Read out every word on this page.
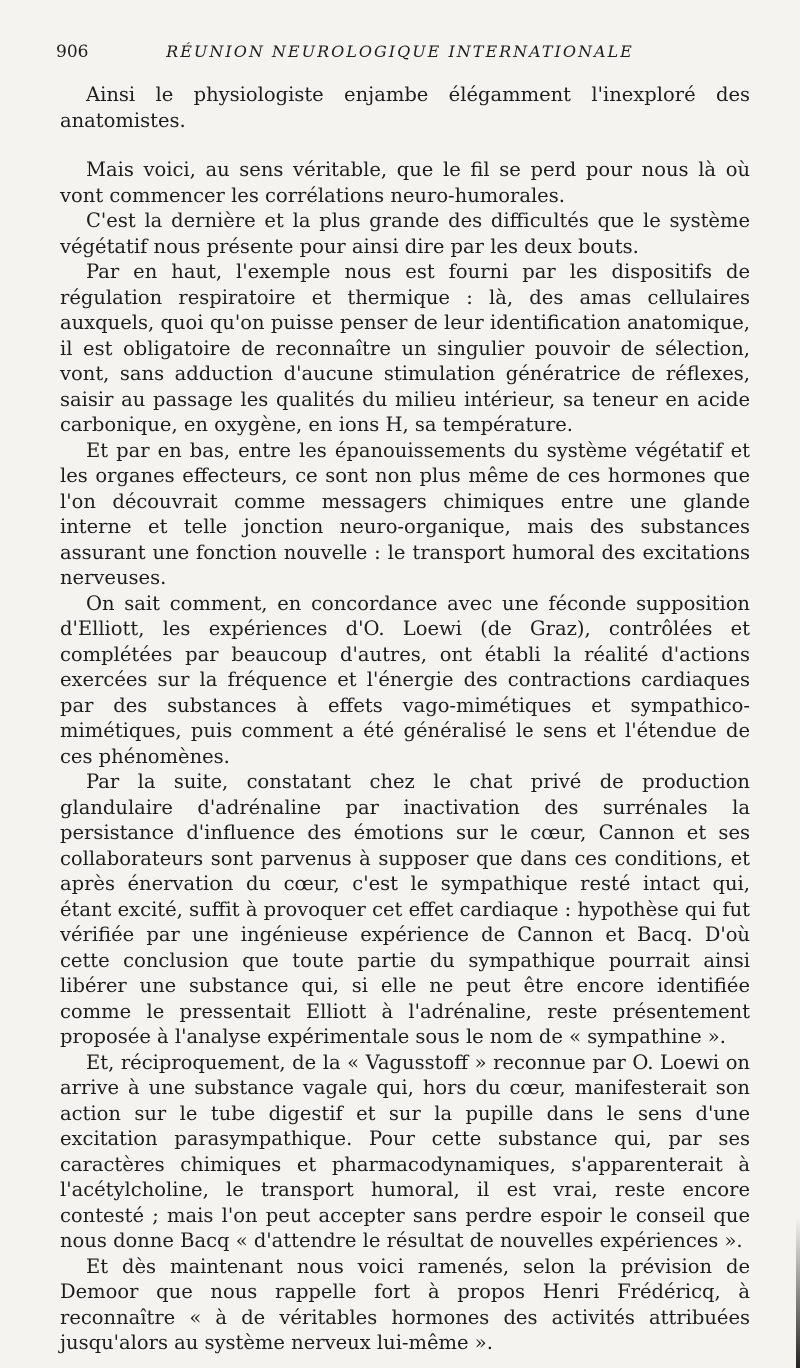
906	RÉUNION NEUROLOGIQUE INTERNATIONALE

Ainsi le physiologiste enjambe élégamment l'inexploré des anatomistes.

Mais voici, au sens véritable, que le fil se perd pour nous là où vont commencer les corrélations neuro-humorales.

C'est la dernière et la plus grande des difficultés que le système végétatif nous présente pour ainsi dire par les deux bouts.

Par en haut, l'exemple nous est fourni par les dispositifs de régulation respiratoire et thermique : là, des amas cellulaires auxquels, quoi qu'on puisse penser de leur identification anatomique, il est obligatoire de reconnaître un singulier pouvoir de sélection, vont, sans adduction d'aucune stimulation génératrice de réflexes, saisir au passage les qualités du milieu intérieur, sa teneur en acide carbonique, en oxygène, en ions H, sa température.

Et par en bas, entre les épanouissements du système végétatif et les organes effecteurs, ce sont non plus même de ces hormones que l'on découvrait comme messagers chimiques entre une glande interne et telle jonction neuro-organique, mais des substances assurant une fonction nouvelle : le transport humoral des excitations nerveuses.

On sait comment, en concordance avec une féconde supposition d'Elliott, les expériences d'O. Loewi (de Graz), contrôlées et complétées par beaucoup d'autres, ont établi la réalité d'actions exercées sur la fréquence et l'énergie des contractions cardiaques par des substances à effets vago-mimétiques et sympathico-mimétiques, puis comment a été généralisé le sens et l'étendue de ces phénomènes.

Par la suite, constatant chez le chat privé de production glandulaire d'adrénaline par inactivation des surrénales la persistance d'influence des émotions sur le cœur, Cannon et ses collaborateurs sont parvenus à supposer que dans ces conditions, et après énervation du cœur, c'est le sympathique resté intact qui, étant excité, suffit à provoquer cet effet cardiaque : hypothèse qui fut vérifiée par une ingénieuse expérience de Cannon et Bacq. D'où cette conclusion que toute partie du sympathique pourrait ainsi libérer une substance qui, si elle ne peut être encore identifiée comme le pressentait Elliott à l'adrénaline, reste présentement proposée à l'analyse expérimentale sous le nom de « sympathine ».

Et, réciproquement, de la « Vagusstoff » reconnue par O. Loewi on arrive à une substance vagale qui, hors du cœur, manifesterait son action sur le tube digestif et sur la pupille dans le sens d'une excitation parasympathique. Pour cette substance qui, par ses caractères chimiques et pharmacodynamiques, s'apparenterait à l'acétylcholine, le transport humoral, il est vrai, reste encore contesté ; mais l'on peut accepter sans perdre espoir le conseil que nous donne Bacq « d'attendre le résultat de nouvelles expériences ».

Et dès maintenant nous voici ramenés, selon la prévision de Demoor que nous rappelle fort à propos Henri Frédéricq, à reconnaître « à de véritables hormones des activités attribuées jusqu'alors au système nerveux lui-même ».
